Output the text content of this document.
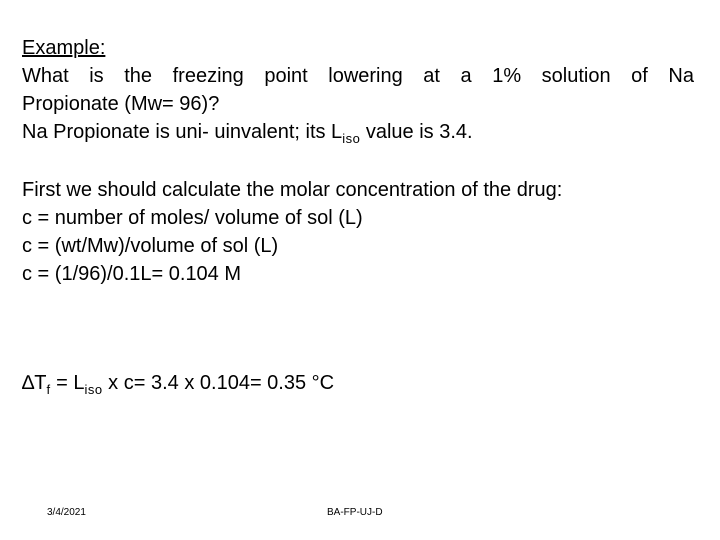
Example:
What is the freezing point lowering at a 1% solution of Na
Propionate (Mw= 96)?
Na Propionate is uni- uinvalent; its $L_{iso}$ value is 3.4.
First we should calculate the molar concentration of the drug:
c = number of moles/ volume of sol (L)
c = (wt/Mw)/volume of sol (L)
c = (1/96)/0.1L= 0.104 M
$\Delta T_f = L_{iso}$ x c= 3.4 x 0.104= 0.35 °C
3/4/2021	BA-FP-UJ-D
